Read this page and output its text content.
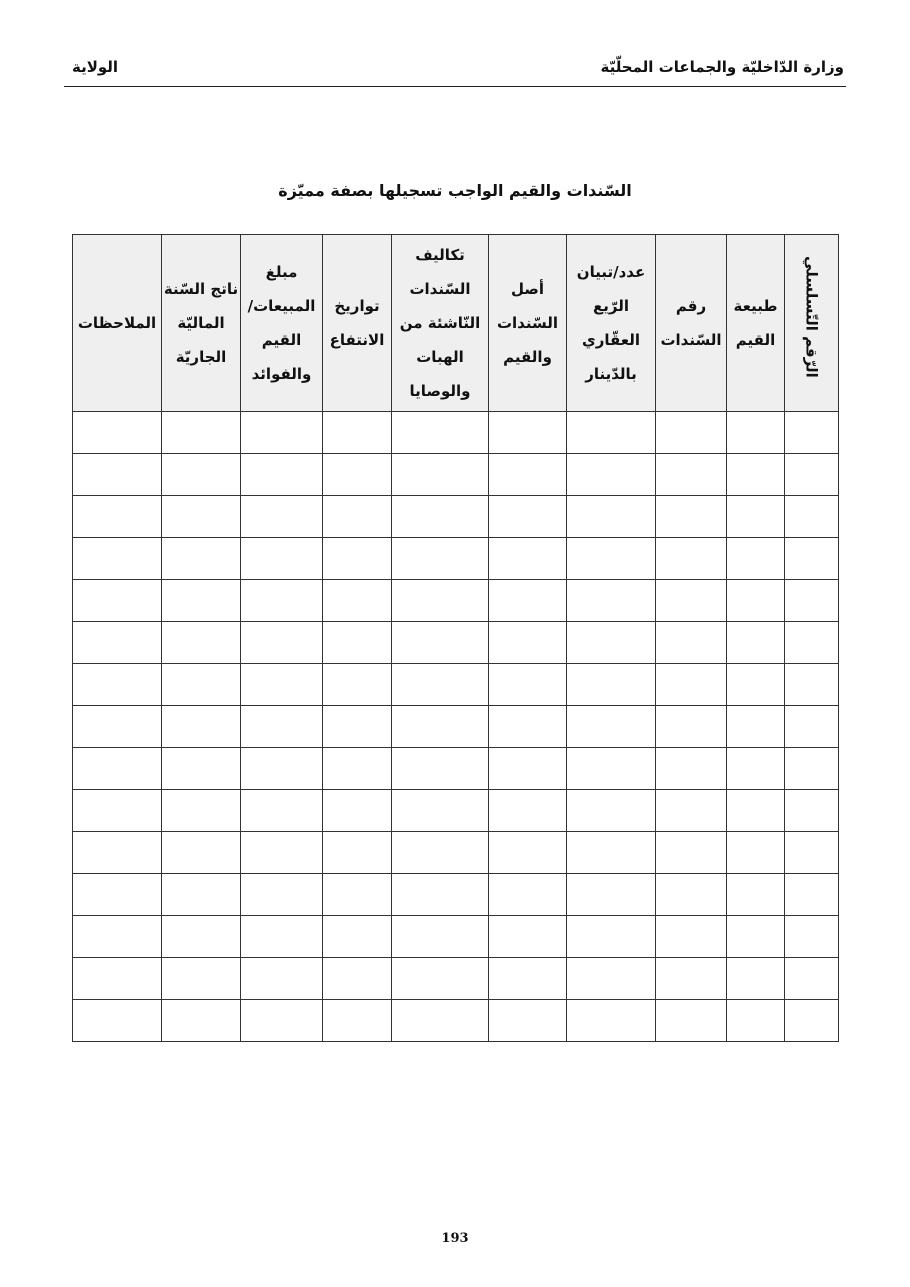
الولاية	وزارة الدّاخليّة والجماعات المحلّيّة
السّندات والقيم الواجب تسجيلها بصفة مميّزة
الرّقم التّسلسلي	طبيعة القيم	رقم السّندات	عدد/تبيان الرّيع العقّاري بالدّينار	أصل السّندات والقيم	تكاليف السّندات النّاشئة من الهبات والوصايا	تواريخ الانتفاع	مبلغ المبيعات/ القيم والفوائد	ناتج السّنة الماليّة الجاريّة	الملاحظات

193
